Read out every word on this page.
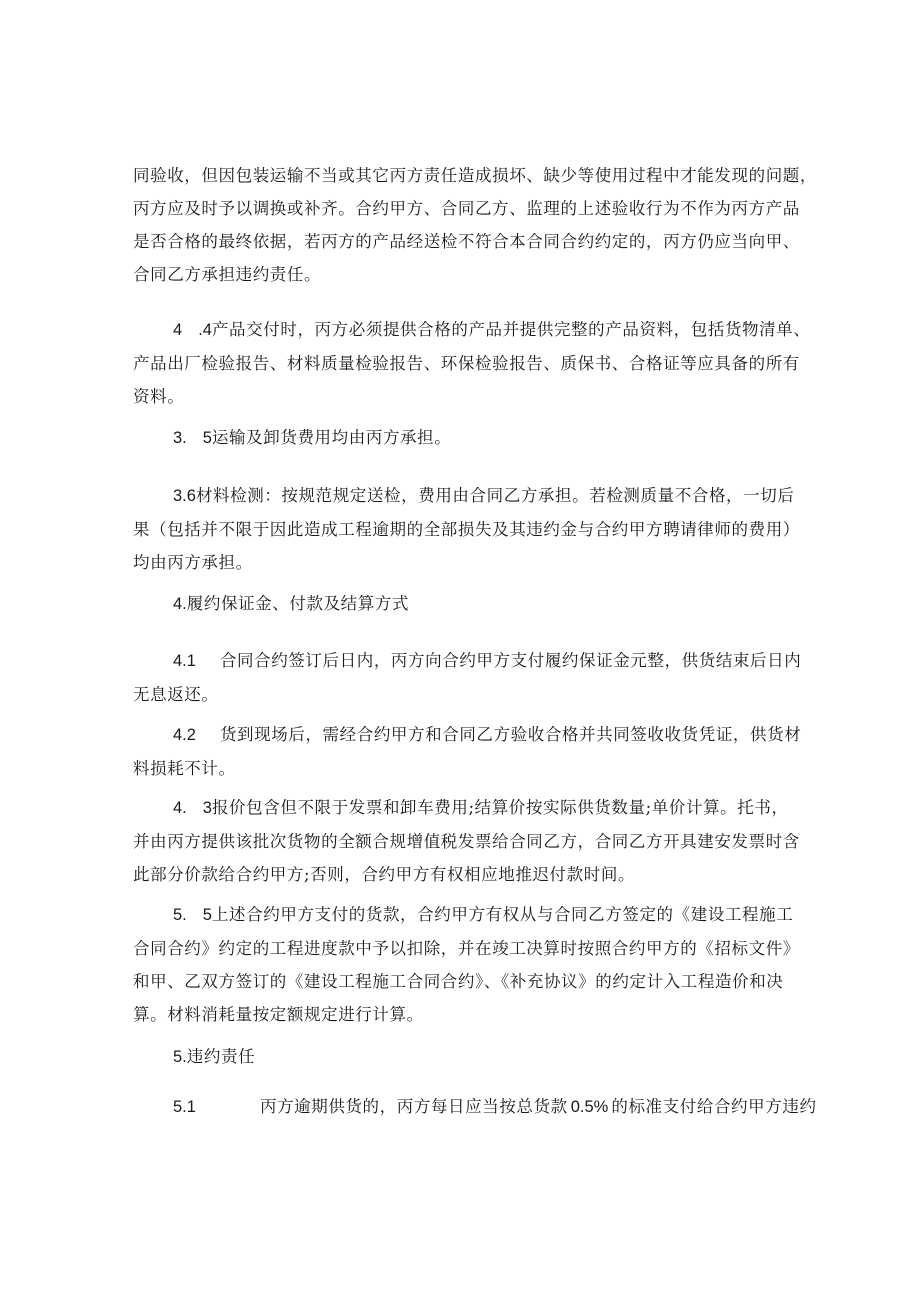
同验收，但因包装运输不当或其它丙方责任造成损坏、缺少等使用过程中才能发现的问题，
丙方应及时予以调换或补齐。合约甲方、合同乙方、监理的上述验收行为不作为丙方产品
是否合格的最终依据，若丙方的产品经送检不符合本合同合约约定的，丙方仍应当向甲、
合同乙方承担违约责任。
4 .4产品交付时，丙方必须提供合格的产品并提供完整的产品资料，包括货物清单、
产品出厂检验报告、材料质量检验报告、环保检验报告、质保书、合格证等应具备的所有
资料。
3. 5运输及卸货费用均由丙方承担。
3.6材料检测：按规范规定送检，费用由合同乙方承担。若检测质量不合格，一切后
果（包括并不限于因此造成工程逾期的全部损失及其违约金与合约甲方聘请律师的费用）
均由丙方承担。
4.履约保证金、付款及结算方式
4.1 合同合约签订后日内，丙方向合约甲方支付履约保证金元整，供货结束后日内
无息返还。
4.2 货到现场后，需经合约甲方和合同乙方验收合格并共同签收收货凭证，供货材
料损耗不计。
4. 3报价包含但不限于发票和卸车费用;结算价按实际供货数量;单价计算。托书，
并由丙方提供该批次货物的全额合规增值税发票给合同乙方，合同乙方开具建安发票时含
此部分价款给合约甲方;否则，合约甲方有权相应地推迟付款时间。
5. 5上述合约甲方支付的货款，合约甲方有权从与合同乙方签定的《建设工程施工
合同合约》约定的工程进度款中予以扣除，并在竣工决算时按照合约甲方的《招标文件》
和甲、乙双方签订的《建设工程施工合同合约》、《补充协议》的约定计入工程造价和决
算。材料消耗量按定额规定进行计算。
5.违约责任
5.1	丙方逾期供货的，丙方每日应当按总货款 0.5% 的标准支付给合约甲方违约
